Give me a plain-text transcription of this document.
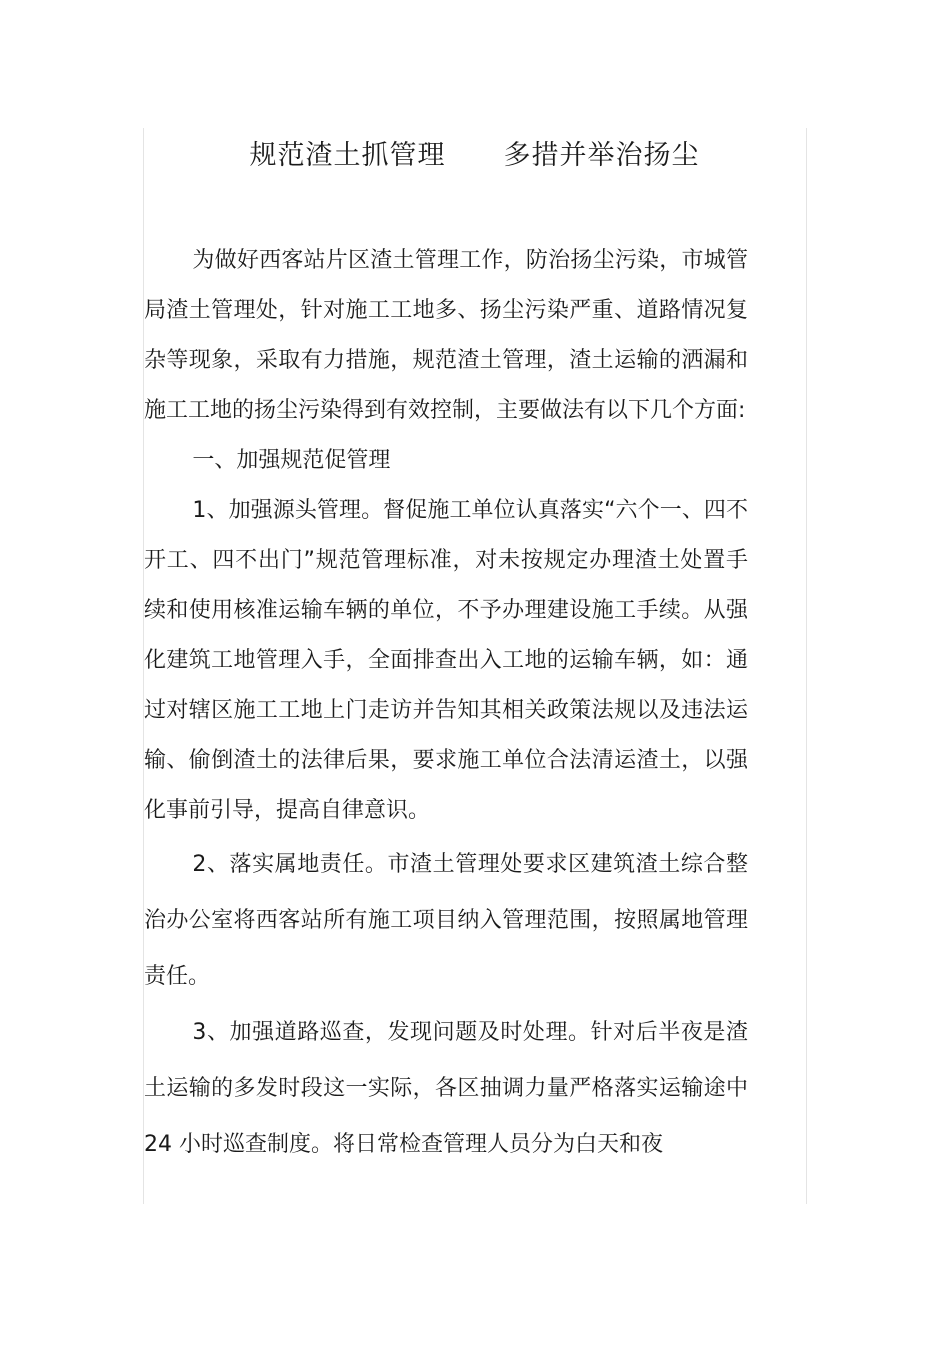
规范渣土抓管理 多措并举治扬尘

为做好西客站片区渣土管理工作，防治扬尘污染，市城管局渣土管理处，针对施工工地多、扬尘污染严重、道路情况复杂等现象，采取有力措施，规范渣土管理，渣土运输的洒漏和施工工地的扬尘污染得到有效控制，主要做法有以下几个方面:

一、加强规范促管理

1、加强源头管理。督促施工单位认真落实“六个一、四不开工、四不出门”规范管理标准，对未按规定办理渣土处置手续和使用核准运输车辆的单位，不予办理建设施工手续。从强化建筑工地管理入手，全面排查出入工地的运输车辆，如：通过对辖区施工工地上门走访并告知其相关政策法规以及违法运输、偷倒渣土的法律后果，要求施工单位合法清运渣土，以强化事前引导，提高自律意识。

2、落实属地责任。市渣土管理处要求区建筑渣土综合整治办公室将西客站所有施工项目纳入管理范围，按照属地管理责任。

3、加强道路巡查，发现问题及时处理。针对后半夜是渣土运输的多发时段这一实际，各区抽调力量严格落实运输途中 24 小时巡查制度。将日常检查管理人员分为白天和夜
